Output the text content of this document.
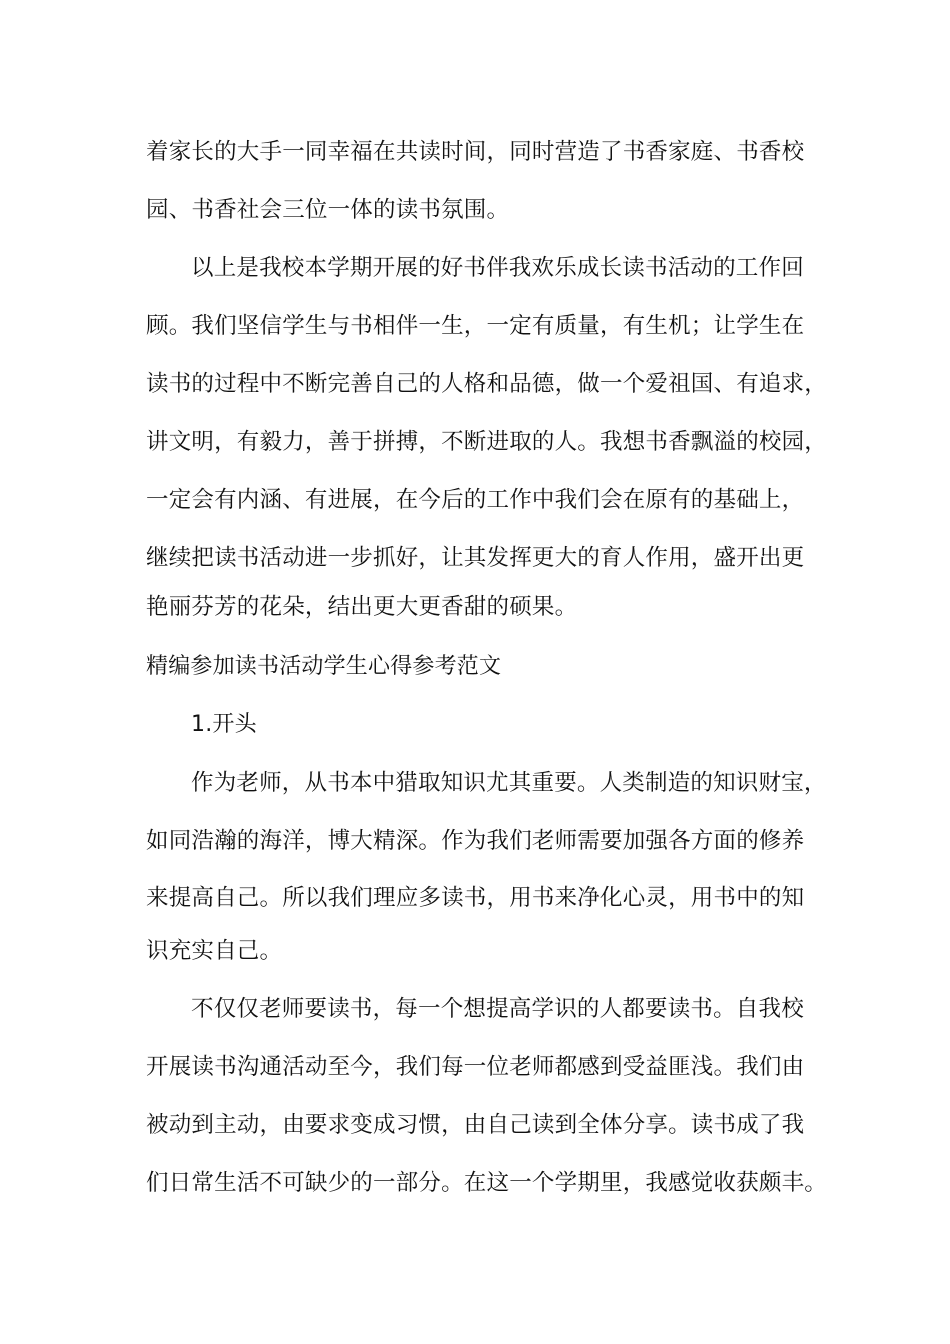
着家长的大手一同幸福在共读时间，同时营造了书香家庭、书香校
园、书香社会三位一体的读书氛围。
以上是我校本学期开展的好书伴我欢乐成长读书活动的工作回
顾。我们坚信学生与书相伴一生，一定有质量，有生机；让学生在
读书的过程中不断完善自己的人格和品德，做一个爱祖国、有追求，
讲文明，有毅力，善于拼搏，不断进取的人。我想书香飘溢的校园，
一定会有内涵、有进展，在今后的工作中我们会在原有的基础上，
继续把读书活动进一步抓好，让其发挥更大的育人作用，盛开出更
艳丽芬芳的花朵，结出更大更香甜的硕果。
精编参加读书活动学生心得参考范文
1.开头
作为老师，从书本中猎取知识尤其重要。人类制造的知识财宝，
如同浩瀚的海洋，博大精深。作为我们老师需要加强各方面的修养
来提高自己。所以我们理应多读书，用书来净化心灵，用书中的知
识充实自己。
不仅仅老师要读书，每一个想提高学识的人都要读书。自我校
开展读书沟通活动至今，我们每一位老师都感到受益匪浅。我们由
被动到主动，由要求变成习惯，由自己读到全体分享。读书成了我
们日常生活不可缺少的一部分。在这一个学期里，我感觉收获颇丰。
